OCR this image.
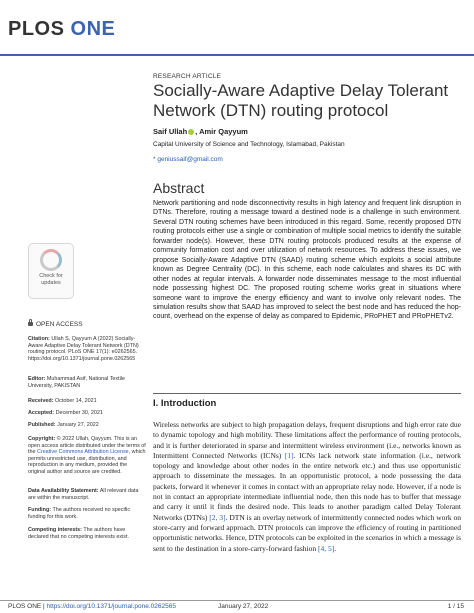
PLOS ONE
RESEARCH ARTICLE
Socially-Aware Adaptive Delay Tolerant Network (DTN) routing protocol
Saif Ullah , Amir Qayyum
Capital University of Science and Technology, Islamabad, Pakistan
* geniussaif@gmail.com
Abstract

Network partitioning and node disconnectivity results in high latency and frequent link disruption in DTNs. Therefore, routing a message toward a destined node is a challenge in such environment. Several DTN routing schemes have been introduced in this regard. Some, recently proposed DTN routing protocols either use a single or combination of multiple social metrics to identify the suitable forwarder node(s). However, these DTN routing protocols produced results at the expense of community formation cost and over utilization of network resources. To address these issues, we propose Socially-Aware Adaptive DTN (SAAD) routing scheme which exploits a social attribute known as Degree Centrality (DC). In this scheme, each node calculates and shares its DC with other nodes at regular intervals. A forwarder node disseminates message to the most influential node possessing highest DC. The proposed routing scheme works great in situations where someone want to improve the energy efficiency and want to involve only relevant nodes. The simulation results show that SAAD has improved to select the best node and has reduced the hop-count, overhead on the expense of delay as compared to Epidemic, PRoPHET and PRoPHETv2.

I. Introduction

Wireless networks are subject to high propagation delays, frequent disruptions and high error rate due to dynamic topology and high mobility. These limitations affect the performance of routing protocols, and it is further deteriorated in sparse and intermittent wireless environment (i.e., networks known as Intermittent Connected Networks (ICNs) [1]. ICNs lack network state information (i.e., network topology and knowledge about other nodes in the entire network etc.) and thus use opportunistic approach to disseminate the messages. In an opportunistic protocol, a node possessing the data packets, forward it whenever it comes in contact with an appropriate relay node. However, if a node is not in contact an appropriate intermediate influential node, then this node has to buffer that message and carry it until it finds the desired node. This leads to another paradigm called Delay Tolerant Networks (DTNs) [2, 3]. DTN is an overlay network of intermittently connected nodes which work on store-carry and forward approach. DTN protocols can improve the efficiency of routing in partitioned opportunistic networks. Hence, DTN protocols can be exploited in the scenarios in which a message is sent to the destination in a store-carry-forward fashion [4, 5].

Check for
updates
OPEN ACCESS
Citation: Ullah S, Qayyum A (2022) Socially-Aware Adaptive Delay Tolerant Network (DTN) routing protocol. PLoS ONE 17(1): e0262565. https://doi.org/10.1371/journal.pone.0262565
Editor: Muhammad Asif, National Textile University, PAKISTAN
Received: October 14, 2021
Accepted: December 30, 2021
Published: January 27, 2022
Copyright: © 2022 Ullah, Qayyum. This is an open access article distributed under the terms of the Creative Commons Attribution License, which permits unrestricted use, distribution, and reproduction in any medium, provided the original author and source are credited.
Data Availability Statement: All relevant data are within the manuscript.
Funding: The authors received no specific funding for this work.
Competing interests: The authors have declared that no competing interests exist.
PLOS ONE | https://doi.org/10.1371/journal.pone.0262565	January 27, 2022	1 / 15
